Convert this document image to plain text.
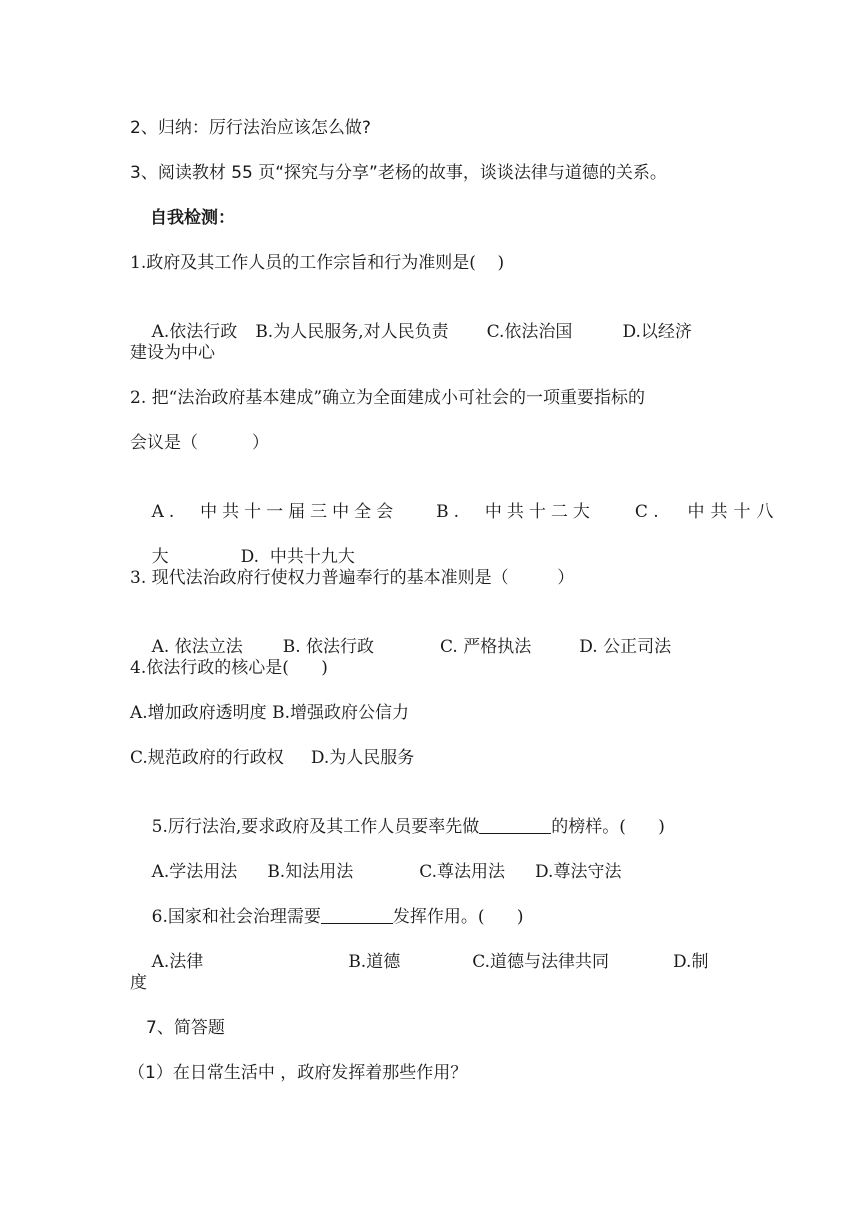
2、归纳：厉行法治应该怎么做?
3、阅读教材 55 页“探究与分享”老杨的故事，谈谈法律与道德的关系。
自我检测：
1.政府及其工作人员的工作宗旨和行为准则是(    )

A.依法行政 B.为人民服务,对人民负责 C.依法治国	D.以经济

建设为中心
2. 把“法治政府基本建成”确立为全面建成小可社会的一项重要指标的
会议是（          ）

A.  中共十一届三中全会 B.  中共十二大 C.  中共十八

大	D.  中共十九大

3. 现代法治政府行使权力普遍奉行的基本准则是（         ）

A. 依法立法 B. 依法行政	C. 严格执法	D. 公正司法

4.依法行政的核心是(      )
A.增加政府透明度 B.增强政府公信力
C.规范政府的行政权     D.为人民服务

5.厉行法治,要求政府及其工作人员要率先做	的榜样。(      )

A.学法用法 B.知法用法	C.尊法用法 D.尊法守法

6.国家和社会治理需要	发挥作用。(      )

A.法律	B.道德	C.道德与法律共同	D.制

度
7、简答题
（1）在日常生活中 ，政府发挥着那些作用？
